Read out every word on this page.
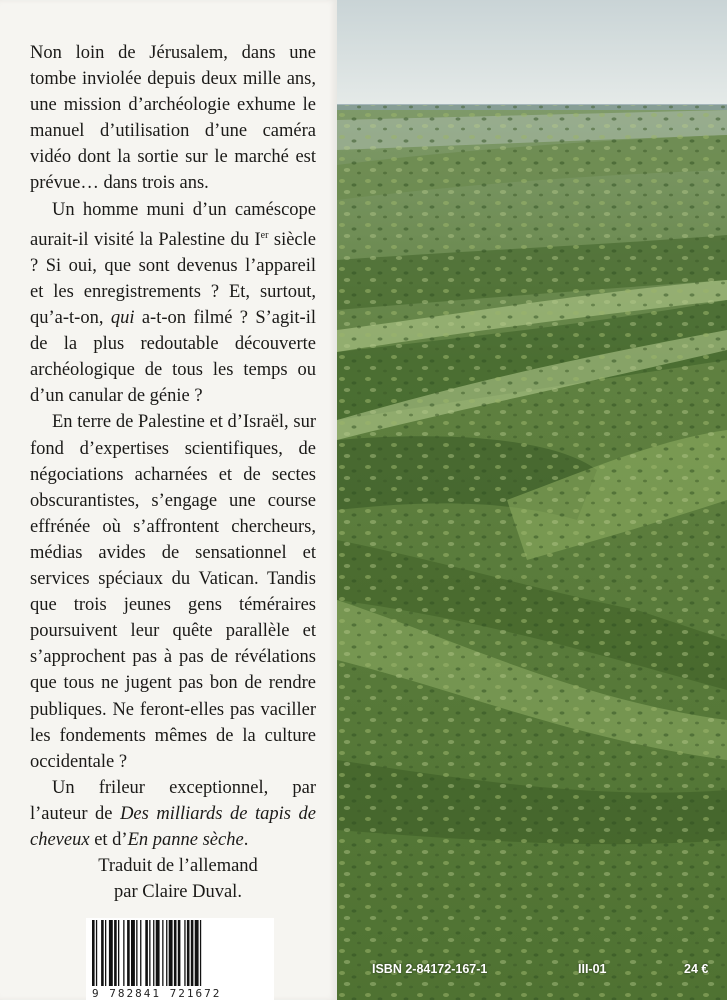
Non loin de Jérusalem, dans une tombe inviolée depuis deux mille ans, une mission d’archéologie exhume le manuel d’utilisation d’une caméra vidéo dont la sortie sur le marché est prévue… dans trois ans.

Un homme muni d’un caméscope aurait-il visité la Palestine du Ier siècle ? Si oui, que sont devenus l’appareil et les enregistrements ? Et, surtout, qu’a-t-on, qui a-t-on filmé ? S’agit-il de la plus redoutable découverte archéologique de tous les temps ou d’un canular de génie ?

En terre de Palestine et d’Israël, sur fond d’expertises scientifiques, de négociations acharnées et de sectes obscurantistes, s’engage une course effrénée où s’affrontent chercheurs, médias avides de sensationnel et services spéciaux du Vatican. Tandis que trois jeunes gens téméraires poursuivent leur quête parallèle et s’approchent pas à pas de révélations que tous ne jugent pas bon de rendre publiques. Ne feront-elles pas vaciller les fondements mêmes de la culture occidentale ?

Un frileur exceptionnel, par l’auteur de Des milliards de tapis de cheveux et d’En panne sèche.

Traduit de l’allemand
par Claire Duval.
9 782841 721672
ISBN 2-84172-167-1	III-01	24 €
